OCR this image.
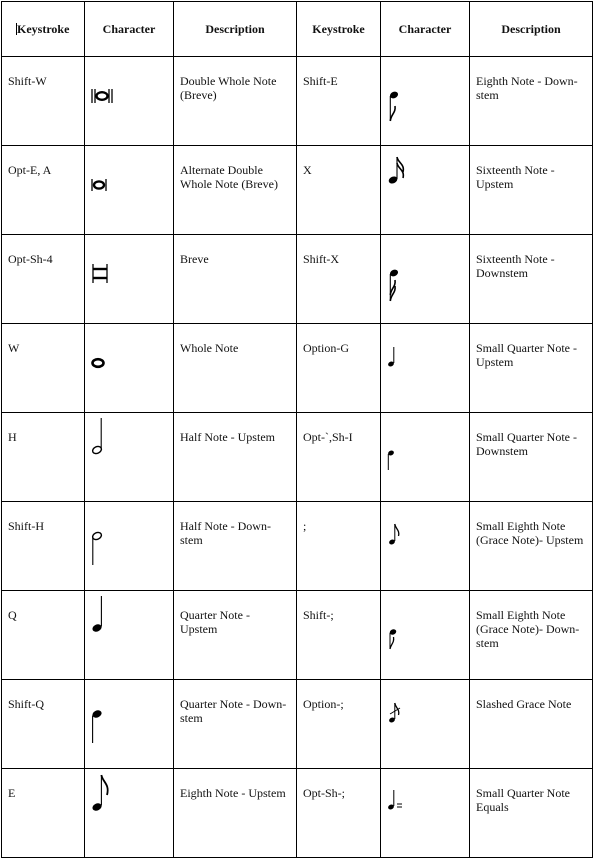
Keystroke	Character	Description	Keystroke	Character	Description
Shift-W		Double Whole Note (Breve)	Shift-E		Eighth Note - Down-stem
Opt-E, A		Alternate Double Whole Note (Breve)	X		Sixteenth Note - Upstem
Opt-Sh-4		Breve	Shift-X		Sixteenth Note - Downstem
W		Whole Note	Option-G		Small Quarter Note - Upstem
H		Half Note - Upstem	Opt-`,Sh-I		Small Quarter Note - Downstem
Shift-H		Half Note - Down-stem	;		Small Eighth Note (Grace Note)- Upstem
Q		Quarter Note - Upstem	Shift-;		Small Eighth Note (Grace Note)- Down-stem
Shift-Q		Quarter Note - Down-stem	Option-;		Slashed Grace Note
E		Eighth Note - Upstem	Opt-Sh-;		Small Quarter Note Equals
